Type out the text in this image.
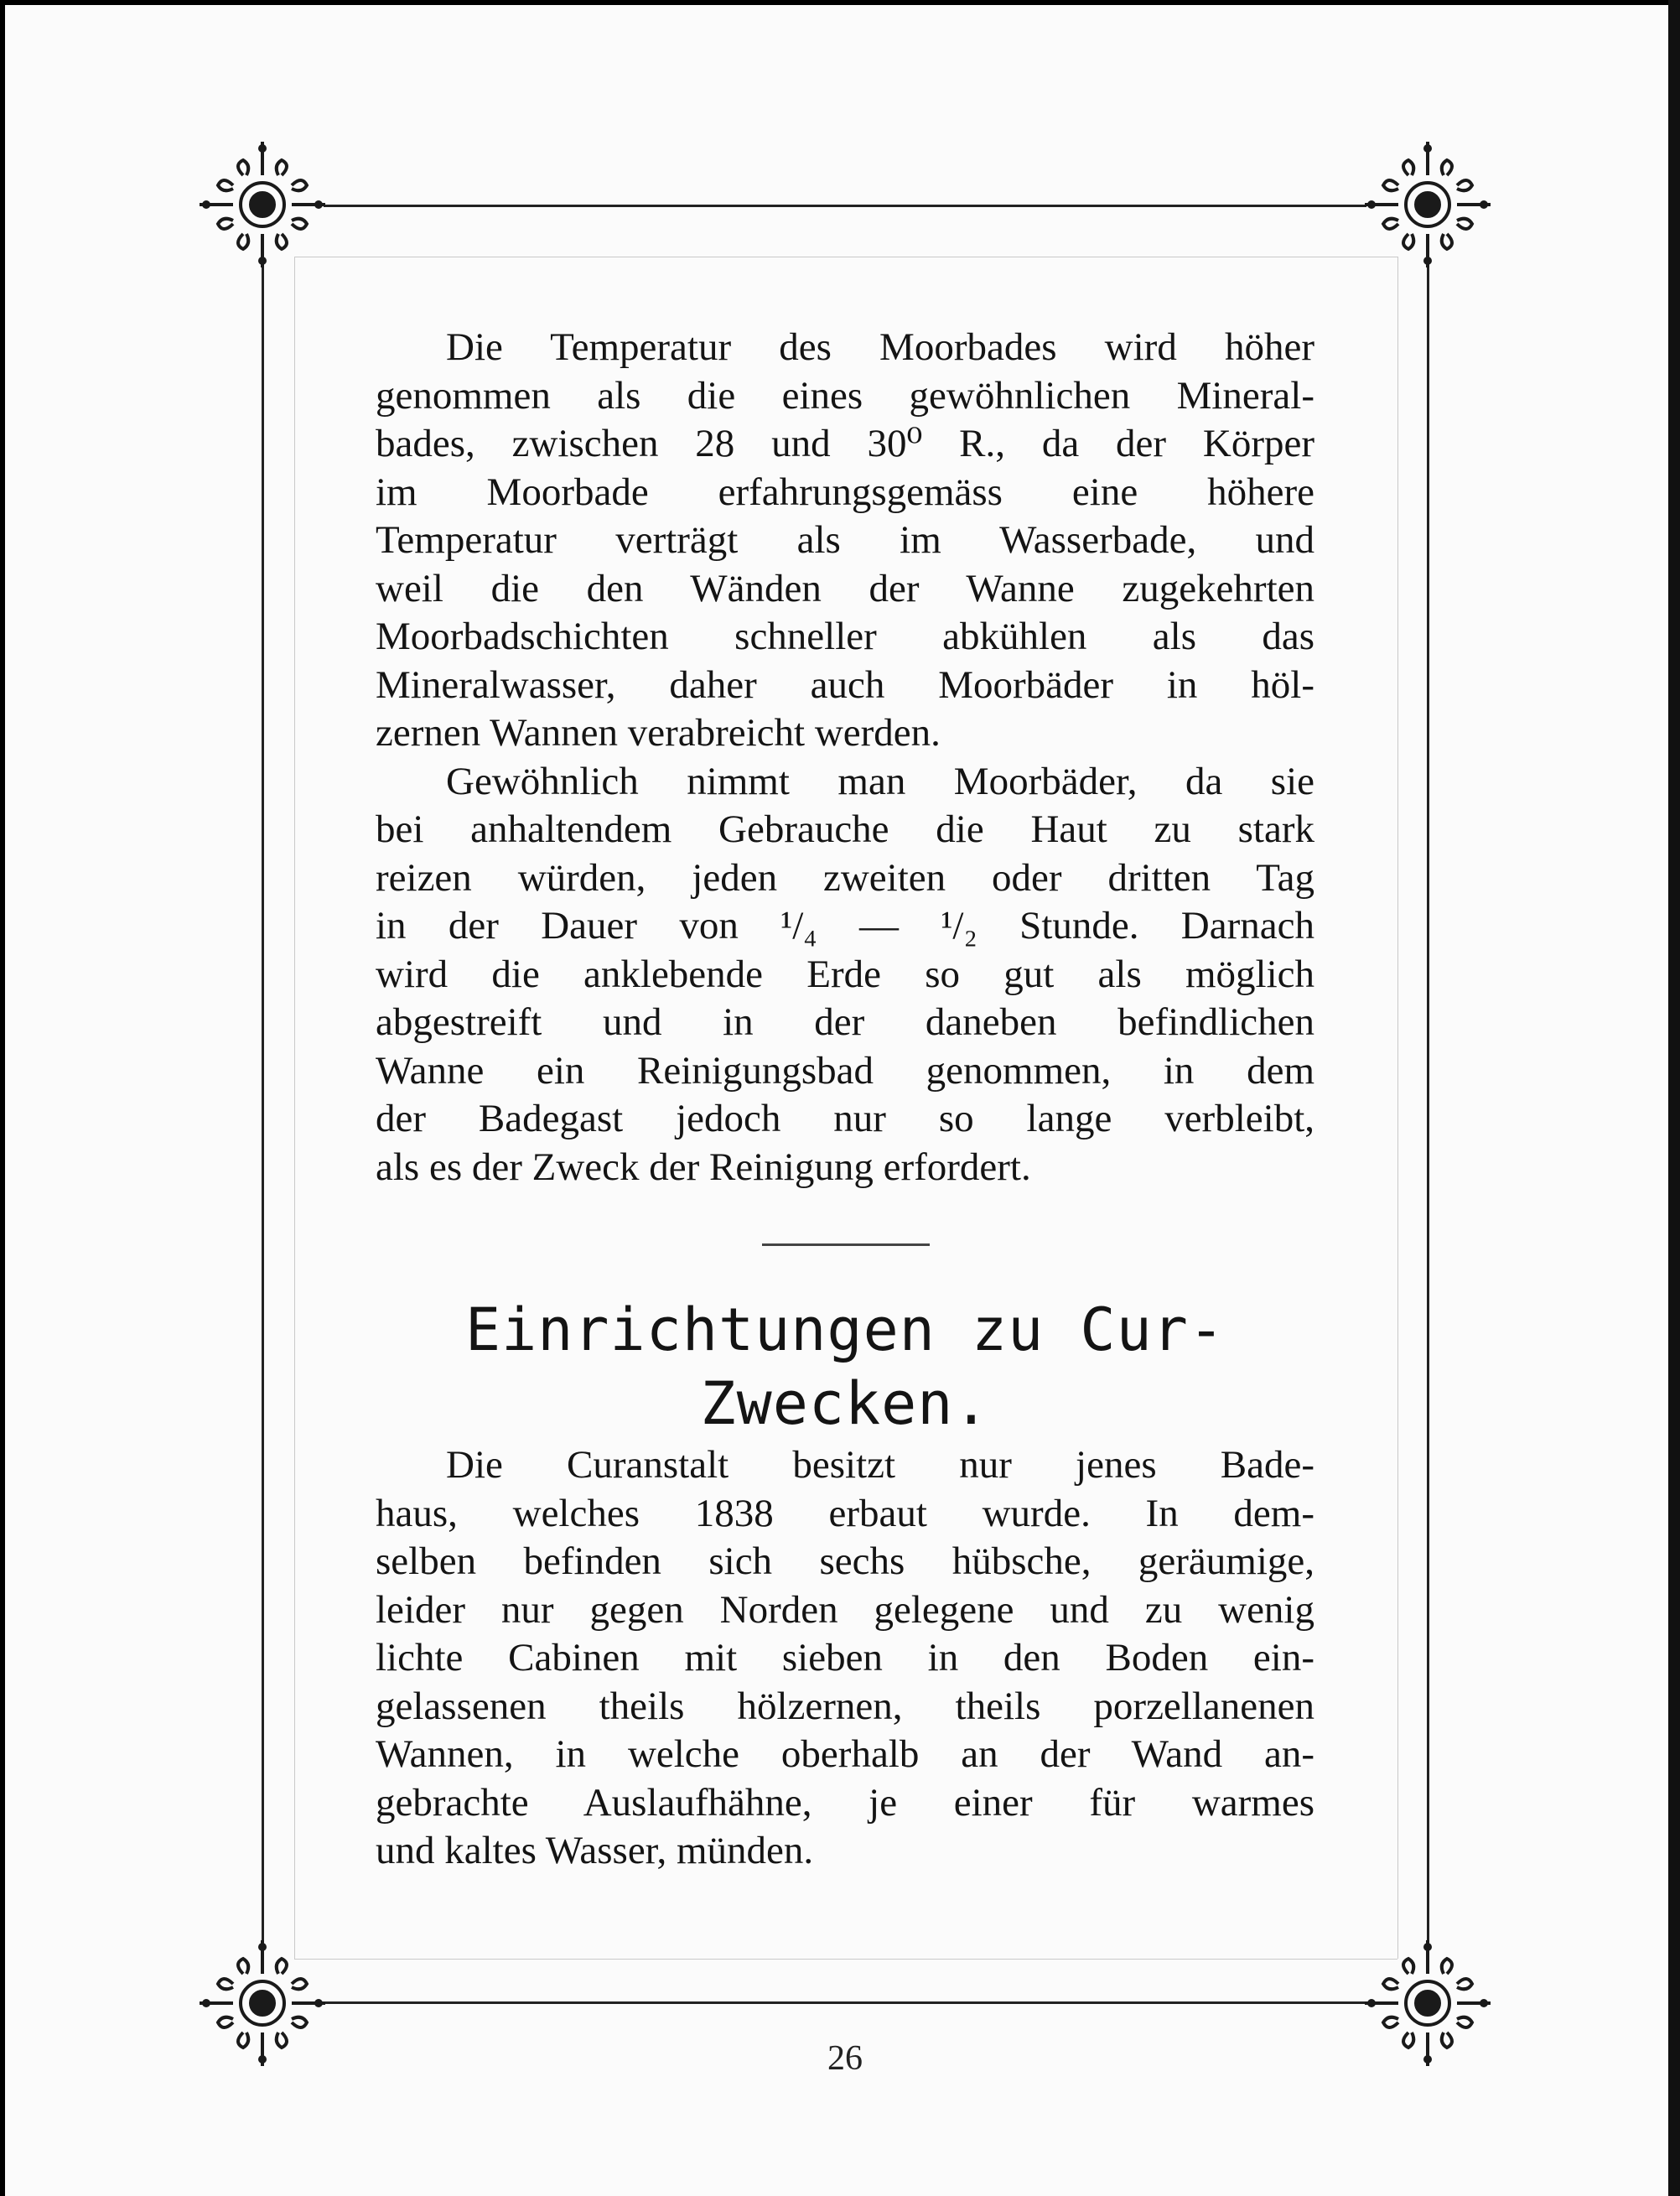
Die Temperatur des Moorbades wird höher
genommen als die eines gewöhnlichen Mineral-
bades, zwischen 28 und 30⁰ R., da der Körper
im Moorbade erfahrungsgemäss eine höhere
Temperatur verträgt als im Wasserbade, und
weil die den Wänden der Wanne zugekehrten
Moorbadschichten schneller abkühlen als das
Mineralwasser, daher auch Moorbäder in höl-
zernen Wannen verabreicht werden.
Gewöhnlich nimmt man Moorbäder, da sie
bei anhaltendem Gebrauche die Haut zu stark
reizen würden, jeden zweiten oder dritten Tag
in der Dauer von ¹/₄ — ¹/₂ Stunde. Darnach
wird die anklebende Erde so gut als möglich
abgestreift und in der daneben befindlichen
Wanne ein Reinigungsbad genommen, in dem
der Badegast jedoch nur so lange verbleibt,
als es der Zweck der Reinigung erfordert.
Einrichtungen zu Cur-
Zwecken.
Die Curanstalt besitzt nur jenes Bade-
haus, welches 1838 erbaut wurde. In dem-
selben befinden sich sechs hübsche, geräumige,
leider nur gegen Norden gelegene und zu wenig
lichte Cabinen mit sieben in den Boden ein-
gelassenen theils hölzernen, theils porzellanenen
Wannen, in welche oberhalb an der Wand an-
gebrachte Auslaufhähne, je einer für warmes
und kaltes Wasser, münden.
26
